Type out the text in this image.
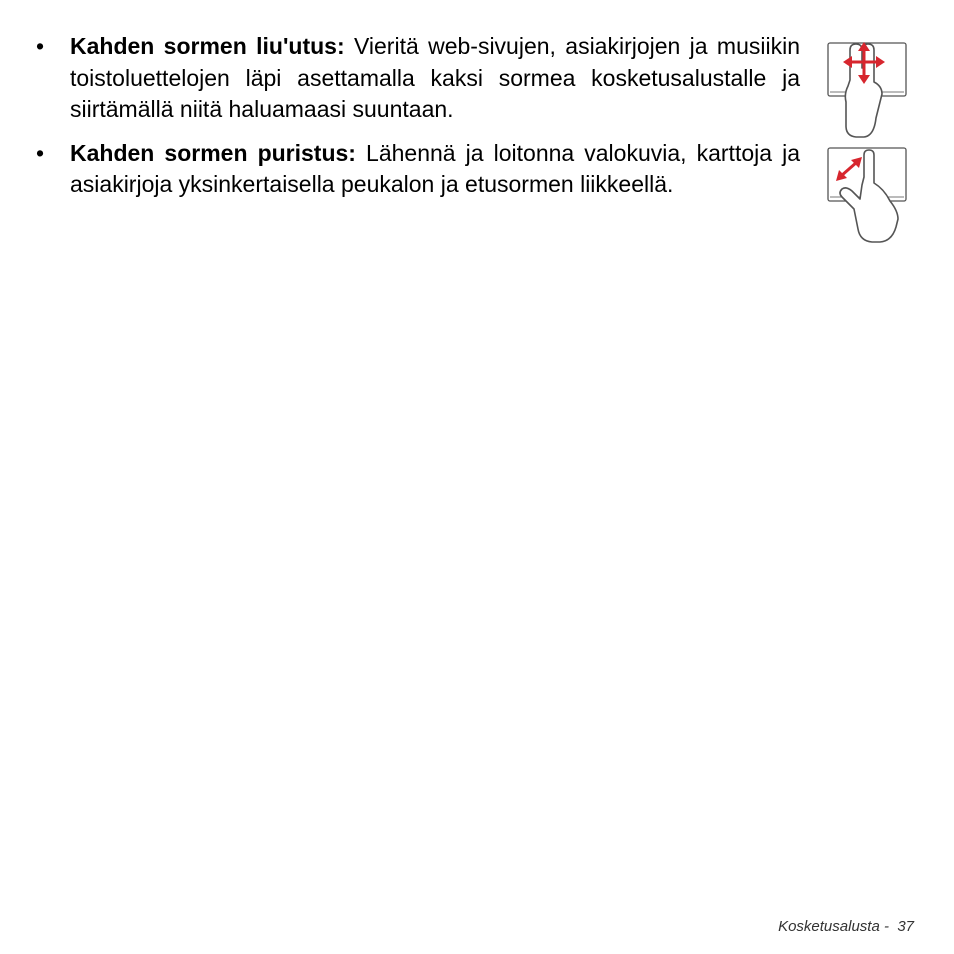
•	Kahden sormen liu'utus: Vieritä web-sivujen, asiakirjojen ja musiikin toistoluettelojen läpi asettamalla kaksi sormea kosketusalustalle ja siirtämällä niitä haluamaasi suuntaan.
•	Kahden sormen puristus: Lähennä ja loitonna valokuvia, karttoja ja asiakirjoja yksinkertaisella peukalon ja etusormen liikkeellä.
Kosketusalusta - 37
